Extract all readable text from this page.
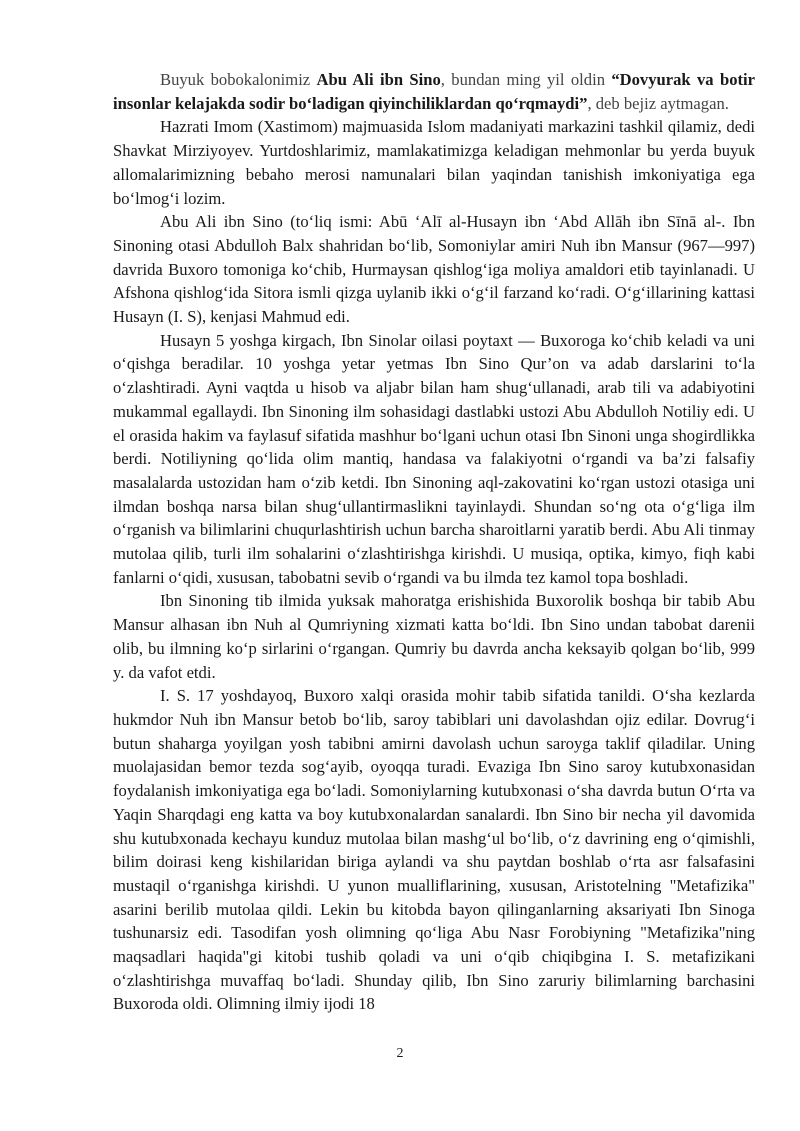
Buyuk bobokalonimiz Abu Ali ibn Sino, bundan ming yil oldin “Dovyurak va botir insonlar kelajakda sodir bo‘ladigan qiyinchiliklardan qo‘rqmaydi”, deb bejiz aytmagan.

Hazrati Imom (Xastimom) majmuasida Islom madaniyati markazini tashkil qilamiz, dedi Shavkat Mirziyoyev. Yurtdoshlarimiz, mamlakatimizga keladigan mehmonlar bu yerda buyuk allomalarimizning bebaho merosi namunalari bilan yaqindan tanishish imkoniyatiga ega bo‘lmog‘i lozim.

Abu Ali ibn Sino (to‘liq ismi: Abū ‘Alī al-Husayn ibn ‘Abd Allāh ibn Sīnā al-. Ibn Sinoning otasi Abdulloh Balx shahridan bo‘lib, Somoniylar amiri Nuh ibn Mansur (967—997) davrida Buxoro tomoniga ko‘chib, Hurmaysan qishlog‘iga moliya amaldori etib tayinlanadi. U Afshona qishlog‘ida Sitora ismli qizga uylanib ikki o‘g‘il farzand ko‘radi. O‘g‘illarining kattasi Husayn (I. S), kenjasi Mahmud edi.

Husayn 5 yoshga kirgach, Ibn Sinolar oilasi poytaxt — Buxoroga ko‘chib keladi va uni o‘qishga beradilar. 10 yoshga yetar yetmas Ibn Sino Qur’on va adab darslarini to‘la o‘zlashtiradi. Ayni vaqtda u hisob va aljabr bilan ham shug‘ullanadi, arab tili va adabiyotini mukammal egallaydi. Ibn Sinoning ilm sohasidagi dastlabki ustozi Abu Abdulloh Notiliy edi. U el orasida hakim va faylasuf sifatida mashhur bo‘lgani uchun otasi Ibn Sinoni unga shogirdlikka berdi. Notiliyning qo‘lida olim mantiq, handasa va falakiyotni o‘rgandi va ba’zi falsafiy masalalarda ustozidan ham o‘zib ketdi. Ibn Sinoning aql-zakovatini ko‘rgan ustozi otasiga uni ilmdan boshqa narsa bilan shug‘ullantirmaslikni tayinlaydi. Shundan so‘ng ota o‘g‘liga ilm o‘rganish va bilimlarini chuqurlashtirish uchun barcha sharoitlarni yaratib berdi. Abu Ali tinmay mutolaa qilib, turli ilm sohalarini o‘zlashtirishga kirishdi. U musiqa, optika, kimyo, fiqh kabi fanlarni o‘qidi, xususan, tabobatni sevib o‘rgandi va bu ilmda tez kamol topa boshladi.

Ibn Sinoning tib ilmida yuksak mahoratga erishishida Buxorolik boshqa bir tabib Abu Mansur alhasan ibn Nuh al Qumriyning xizmati katta bo‘ldi. Ibn Sino undan tabobat darenii olib, bu ilmning ko‘p sirlarini o‘rgangan. Qumriy bu davrda ancha keksayib qolgan bo‘lib, 999 y. da vafot etdi.

I. S. 17 yoshdayoq, Buxoro xalqi orasida mohir tabib sifatida tanildi. O‘sha kezlarda hukmdor Nuh ibn Mansur betob bo‘lib, saroy tabiblari uni davolashdan ojiz edilar. Dovrug‘i butun shaharga yoyilgan yosh tabibni amirni davolash uchun saroyga taklif qiladilar. Uning muolajasidan bemor tezda sog‘ayib, oyoqqa turadi. Evaziga Ibn Sino saroy kutubxonasidan foydalanish imkoniyatiga ega bo‘ladi. Somoniylarning kutubxonasi o‘sha davrda butun O‘rta va Yaqin Sharqdagi eng katta va boy kutubxonalardan sanalardi. Ibn Sino bir necha yil davomida shu kutubxonada kechayu kunduz mutolaa bilan mashg‘ul bo‘lib, o‘z davrining eng o‘qimishli, bilim doirasi keng kishilaridan biriga aylandi va shu paytdan boshlab o‘rta asr falsafasini mustaqil o‘rganishga kirishdi. U yunon mualliflarining, xususan, Aristotelning "Metafizika" asarini berilib mutolaa qildi. Lekin bu kitobda bayon qilinganlarning aksariyati Ibn Sinoga tushunarsiz edi. Tasodifan yosh olimning qo‘liga Abu Nasr Forobiyning "Metafizika"ning maqsadlari haqida"gi kitobi tushib qoladi va uni o‘qib chiqibgina I. S. metafizikani o‘zlashtirishga muvaffaq bo‘ladi. Shunday qilib, Ibn Sino zaruriy bilimlarning barchasini Buxoroda oldi. Olimning ilmiy ijodi 18

2
